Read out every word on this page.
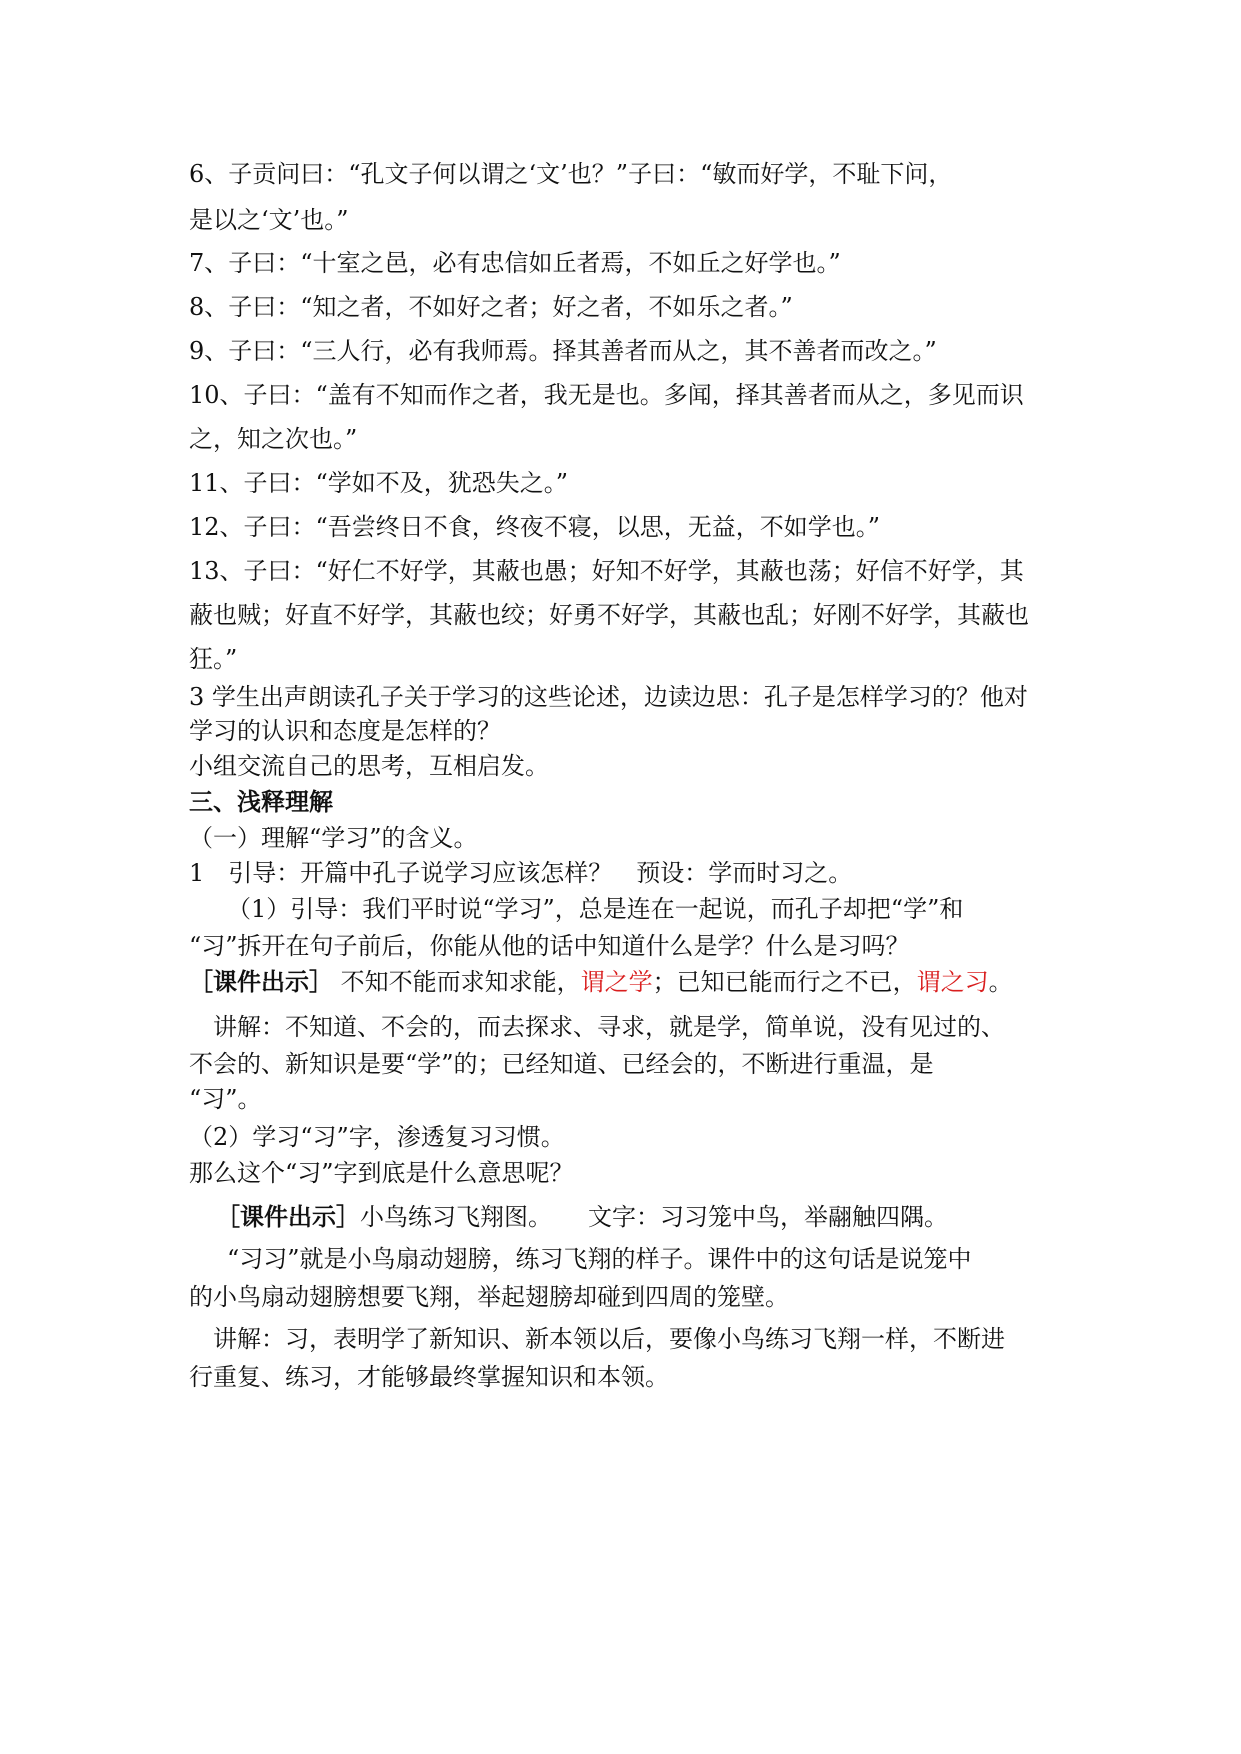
6、子贡问曰：“孔文子何以谓之‘文’也？”子曰：“敏而好学，不耻下问，
是以之‘文’也。”
7、子曰：“十室之邑，必有忠信如丘者焉，不如丘之好学也。”
8、子曰：“知之者，不如好之者；好之者，不如乐之者。”
9、子曰：“三人行，必有我师焉。择其善者而从之，其不善者而改之。”
10、子曰：“盖有不知而作之者，我无是也。多闻，择其善者而从之，多见而识
之，知之次也。”
11、子曰：“学如不及，犹恐失之。”
12、子曰：“吾尝终日不食，终夜不寝，以思，无益，不如学也。”
13、子曰：“好仁不好学，其蔽也愚；好知不好学，其蔽也荡；好信不好学，其
蔽也贼；好直不好学，其蔽也绞；好勇不好学，其蔽也乱；好刚不好学，其蔽也
狂。”
3 学生出声朗读孔子关于学习的这些论述，边读边思：孔子是怎样学习的？他对
学习的认识和态度是怎样的？
小组交流自己的思考，互相启发。
三、浅释理解
（一）理解“学习”的含义。
1　引导：开篇中孔子说学习应该怎样？　预设：学而时习之。
（1）引导：我们平时说“学习”，总是连在一起说，而孔子却把“学”和
“习”拆开在句子前后，你能从他的话中知道什么是学？什么是习吗？
［课件出示］ 不知不能而求知求能，谓之学；已知已能而行之不已，谓之习。
讲解：不知道、不会的，而去探求、寻求，就是学，简单说，没有见过的、
不会的、新知识是要“学”的；已经知道、已经会的，不断进行重温，是
“习”。
（2）学习“习”字，渗透复习习惯。
那么这个“习”字到底是什么意思呢？
［课件出示］小鸟练习飞翔图。　　文字：习习笼中鸟，举翮触四隅。
“习习”就是小鸟扇动翅膀，练习飞翔的样子。课件中的这句话是说笼中
的小鸟扇动翅膀想要飞翔，举起翅膀却碰到四周的笼壁。
讲解：习，表明学了新知识、新本领以后，要像小鸟练习飞翔一样，不断进
行重复、练习，才能够最终掌握知识和本领。
